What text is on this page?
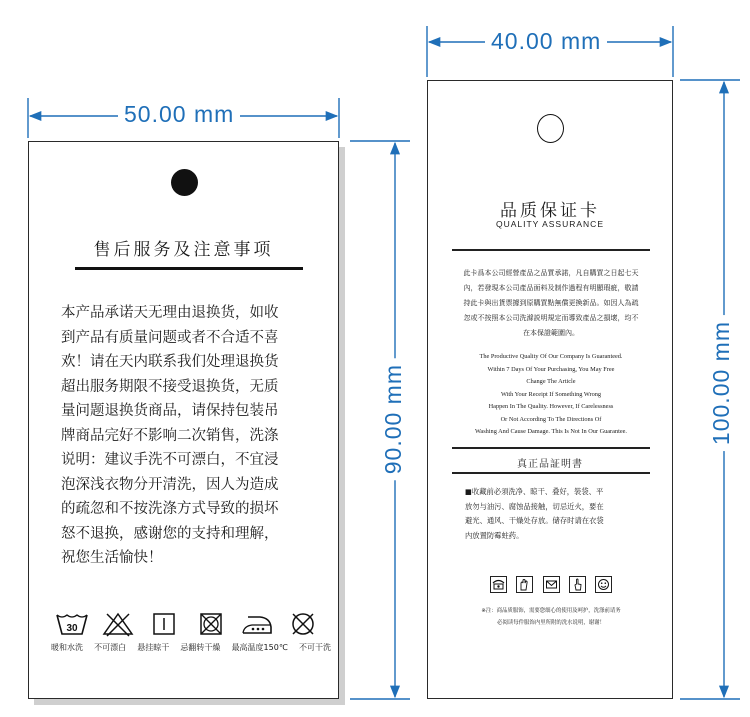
售后服务及注意事项
本产品承诺天无理由退换货，如收
到产品有质量问题或者不合适不喜
欢！请在天内联系我们处理退换货
超出服务期限不接受退换货，无质
量问题退换货商品，请保持包装吊
牌商品完好不影响二次销售，洗涤
说明：建议手洗不可漂白，不宜浸
泡深浅衣物分开清洗，因人为造成
的疏忽和不按洗涤方式导致的损坏
怒不退换，感谢您的支持和理解，
祝您生活愉快！
30
暖和水洗 不可漂白 悬挂晾干 忌翻转干燥 最高温度150℃ 不可干洗
品质保证卡
QUALITY ASSURANCE
此卡爲本公司經營產品之品質承諾，凡自購買之日起七天
內，若發現本公司產品面料及制作過程有明顯瑕疵，敬請
持此卡與出貨票據到原購買點無償更換新品。如因人為疏
忽或不按照本公司洗滌説明規定而導致產品之損壞，均不
在本保證範圍內。
The Productive Quality Of Our Company Is Guaranteed.
Within 7 Days Of Your Purchasing, You May Free
Change The Article
With Your Receipt If Something Wrong
Happen In The Quality. However, If Carelessness
Or Not According To The Directions Of
Washing And Cause Damage. This Is Not In Our Guarantee.
真正品証明書
■收藏前必須洗净、晾干、叠好，裝袋、平
放勿与油污、腐蚀品接触，切忌近火，要在
避光、通风、干燥处存放。储存时请在衣袋
内放置防霉蛀药。
※注：商品质服饰，需要您细心的使用及呵护，洗涤前请务
必阅读每件服饰内里所附的洗水说明，谢谢！
50.00 mm
90.00 mm
40.00 mm
100.00 mm
